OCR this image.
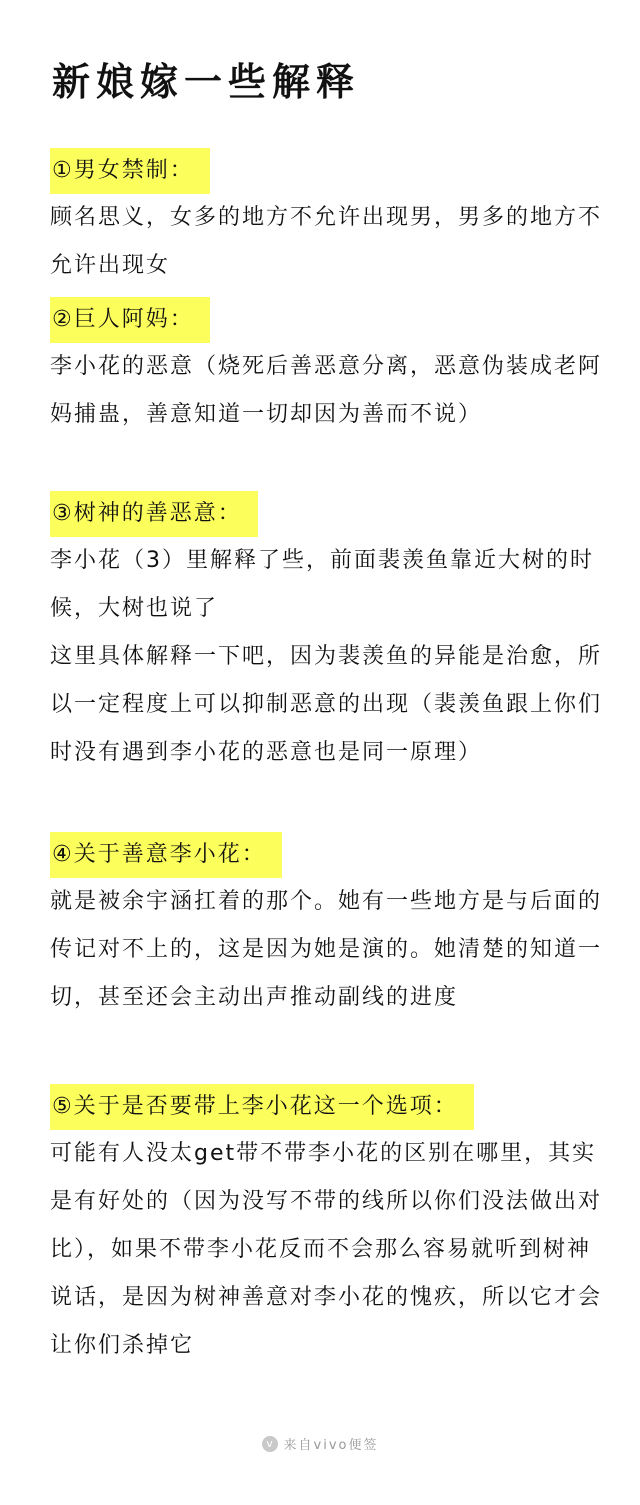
新娘嫁一些解释
①男女禁制：

顾名思义，女多的地方不允许出现男，男多的地方不允许出现女

②巨人阿妈：

李小花的恶意（烧死后善恶意分离，恶意伪装成老阿妈捕蛊，善意知道一切却因为善而不说）

③树神的善恶意：

李小花（3）里解释了些，前面裴羡鱼靠近大树的时候，大树也说了

这里具体解释一下吧，因为裴羡鱼的异能是治愈，所以一定程度上可以抑制恶意的出现（裴羡鱼跟上你们时没有遇到李小花的恶意也是同一原理）

④关于善意李小花：

就是被余宇涵扛着的那个。她有一些地方是与后面的传记对不上的，这是因为她是演的。她清楚的知道一切，甚至还会主动出声推动副线的进度

⑤关于是否要带上李小花这一个选项：

可能有人没太get带不带李小花的区别在哪里，其实是有好处的（因为没写不带的线所以你们没法做出对比），如果不带李小花反而不会那么容易就听到树神说话，是因为树神善意对李小花的愧疚，所以它才会让你们杀掉它

v 来自vivo便签
